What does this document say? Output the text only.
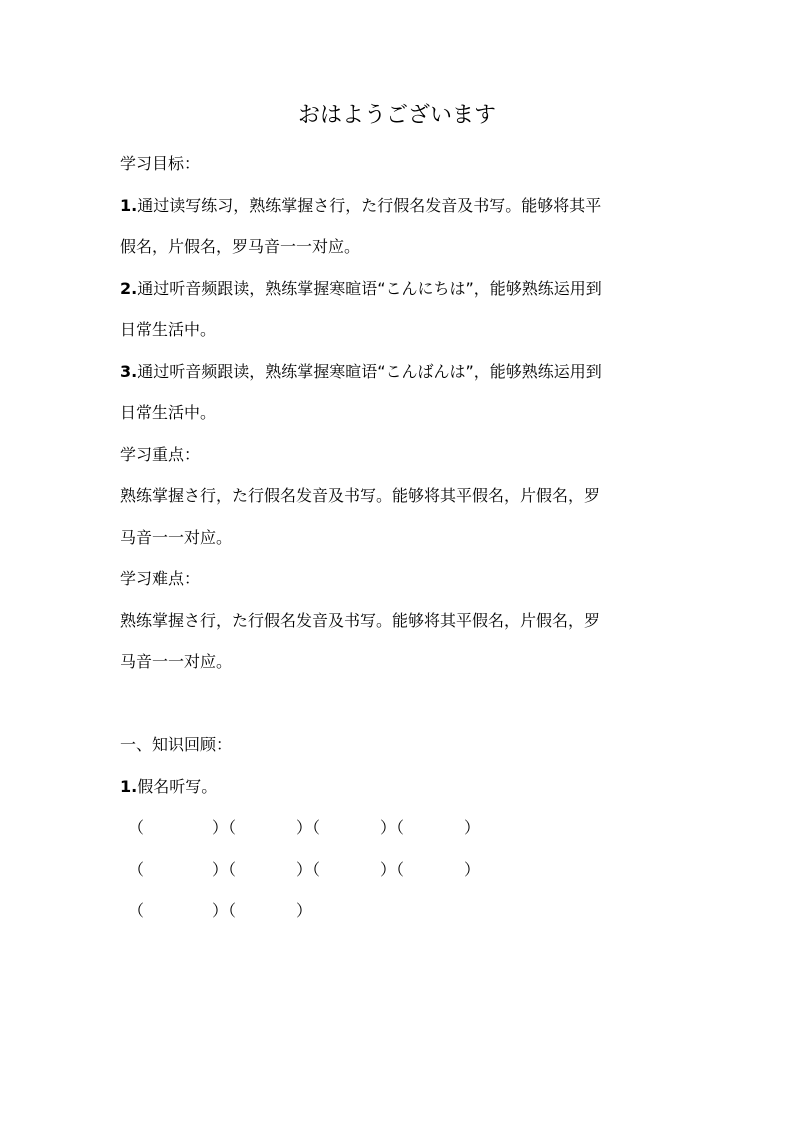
おはようございます
学习目标：
1.通过读写练习，熟练掌握さ行，た行假名发音及书写。能够将其平
假名，片假名，罗马音一一对应。
2.通过听音频跟读，熟练掌握寒暄语“こんにちは”，能够熟练运用到
日常生活中。
3.通过听音频跟读，熟练掌握寒暄语“こんばんは”，能够熟练运用到
日常生活中。
学习重点：
熟练掌握さ行，た行假名发音及书写。能够将其平假名，片假名，罗
马音一一对应。
学习难点：
熟练掌握さ行，た行假名发音及书写。能够将其平假名，片假名，罗
马音一一对应。
一、知识回顾：
1.假名听写。
（	）（	）（	）（	）
（	）（	）（	）（	）
（	）（	）
